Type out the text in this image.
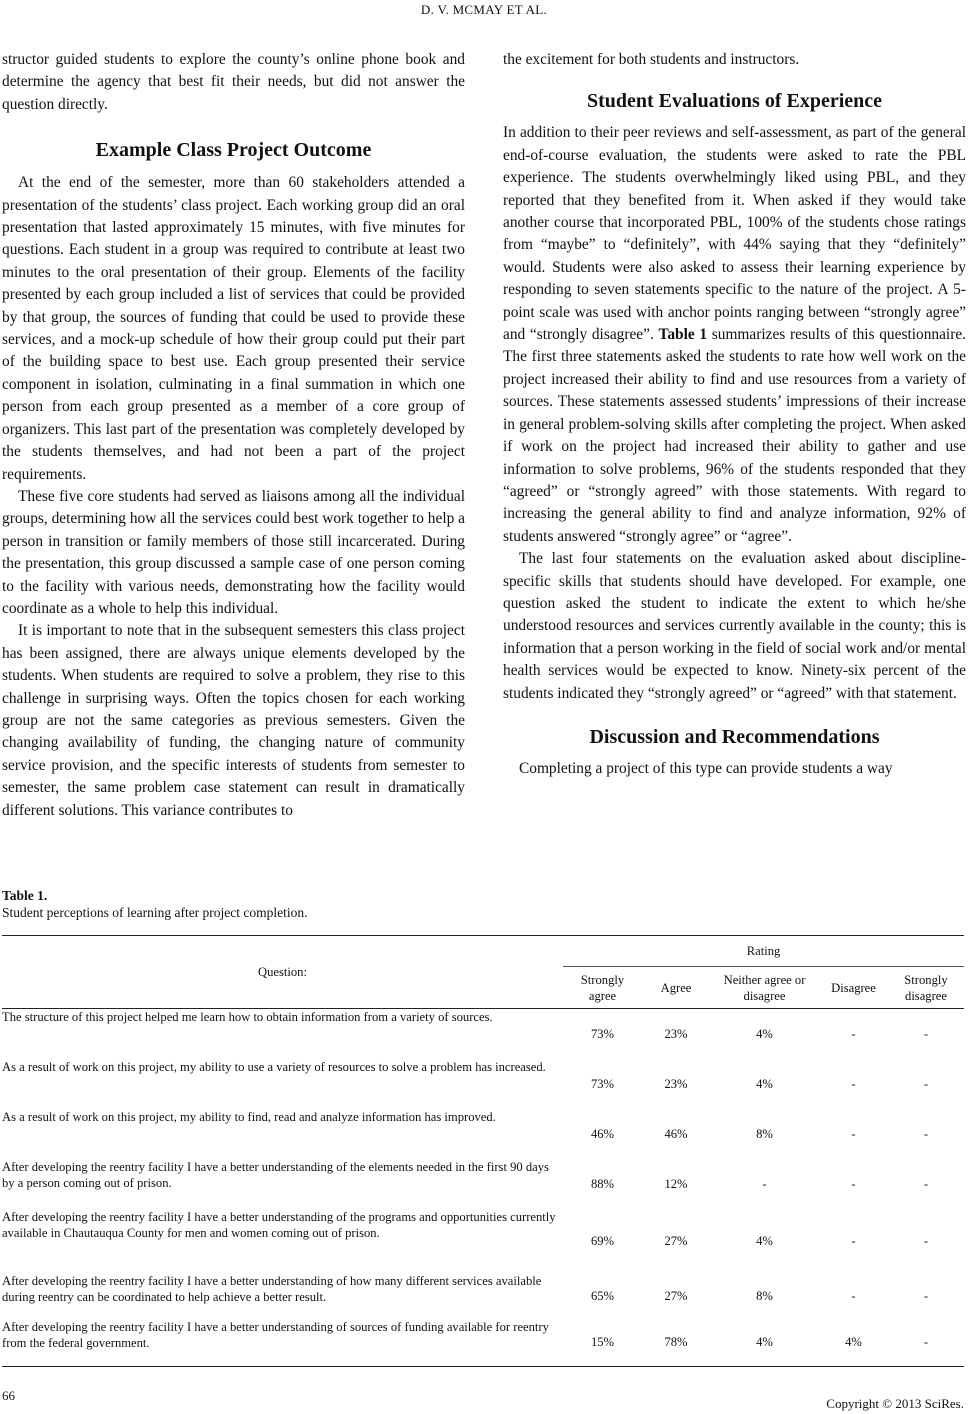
D. V. MCMAY ET AL.

structor guided students to explore the county’s online phone book and determine the agency that best fit their needs, but did not answer the question directly.

Example Class Project Outcome

At the end of the semester, more than 60 stakeholders attended a presentation of the students’ class project. Each working group did an oral presentation that lasted approximately 15 minutes, with five minutes for questions. Each student in a group was required to contribute at least two minutes to the oral presentation of their group. Elements of the facility presented by each group included a list of services that could be provided by that group, the sources of funding that could be used to provide these services, and a mock-up schedule of how their group could put their part of the building space to best use. Each group presented their service component in isolation, culminating in a final summation in which one person from each group presented as a member of a core group of organizers. This last part of the presentation was completely developed by the students themselves, and had not been a part of the project requirements.

These five core students had served as liaisons among all the individual groups, determining how all the services could best work together to help a person in transition or family members of those still incarcerated. During the presentation, this group discussed a sample case of one person coming to the facility with various needs, demonstrating how the facility would coordinate as a whole to help this individual.

It is important to note that in the subsequent semesters this class project has been assigned, there are always unique elements developed by the students. When students are required to solve a problem, they rise to this challenge in surprising ways. Often the topics chosen for each working group are not the same categories as previous semesters. Given the changing availability of funding, the changing nature of community service provision, and the specific interests of students from semester to semester, the same problem case statement can result in dramatically different solutions. This variance contributes to

the excitement for both students and instructors.

Student Evaluations of Experience

In addition to their peer reviews and self-assessment, as part of the general end-of-course evaluation, the students were asked to rate the PBL experience. The students overwhelmingly liked using PBL, and they reported that they benefited from it. When asked if they would take another course that incorporated PBL, 100% of the students chose ratings from “maybe” to “definitely”, with 44% saying that they “definitely” would. Students were also asked to assess their learning experience by responding to seven statements specific to the nature of the project. A 5-point scale was used with anchor points ranging between “strongly agree” and “strongly disagree”. Table 1 summarizes results of this questionnaire. The first three statements asked the students to rate how well work on the project increased their ability to find and use resources from a variety of sources. These statements assessed students’ impressions of their increase in general problem-solving skills after completing the project. When asked if work on the project had increased their ability to gather and use information to solve problems, 96% of the students responded that they “agreed” or “strongly agreed” with those statements. With regard to increasing the general ability to find and analyze information, 92% of students answered “strongly agree” or “agree”.

The last four statements on the evaluation asked about discipline-specific skills that students should have developed. For example, one question asked the student to indicate the extent to which he/she understood resources and services currently available in the county; this is information that a person working in the field of social work and/or mental health services would be expected to know. Ninety-six percent of the students indicated they “strongly agreed” or “agreed” with that statement.

Discussion and Recommendations

Completing a project of this type can provide students a way

Table 1.
Student perceptions of learning after project completion.
Question:	Rating				
	Strongly agree	Agree	Neither agree or disagree	Disagree	Strongly disagree
The structure of this project helped me learn how to obtain information from a variety of sources.	73%	23%	4%	-	-
As a result of work on this project, my ability to use a variety of resources to solve a problem has increased.	73%	23%	4%	-	-
As a result of work on this project, my ability to find, read and analyze information has improved.	46%	46%	8%	-	-
After developing the reentry facility I have a better understanding of the elements needed in the first 90 days by a person coming out of prison.	88%	12%	-	-	-
After developing the reentry facility I have a better understanding of the programs and opportunities currently available in Chautauqua County for men and women coming out of prison.	69%	27%	4%	-	-
After developing the reentry facility I have a better understanding of how many different services available during reentry can be coordinated to help achieve a better result.	65%	27%	8%	-	-
After developing the reentry facility I have a better understanding of sources of funding available for reentry from the federal government.	15%	78%	4%	4%	-
66
Copyright © 2013 SciRes.
